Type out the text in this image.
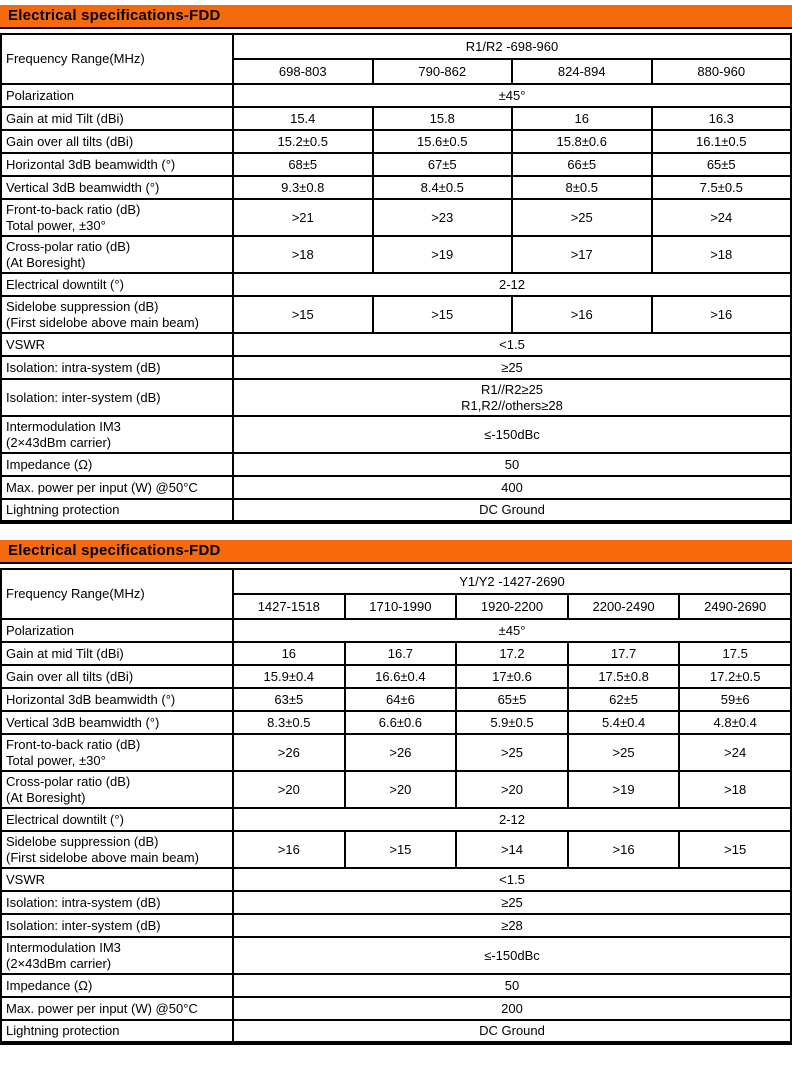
Electrical specifications-FDD
Frequency Range(MHz)	R1/R2 -698-960			

	698-803	790-862	824-894	880-960

Polarization	±45°			

Gain at mid Tilt (dBi)	15.4	15.8	16	16.3

Gain over all tilts (dBi)	15.2±0.5	15.6±0.5	15.8±0.6	16.1±0.5

Horizontal 3dB beamwidth (°)	68±5	67±5	66±5	65±5

Vertical 3dB beamwidth (°)	9.3±0.8	8.4±0.5	8±0.5	7.5±0.5

Front-to-back ratio (dB)
Total power, ±30°	>21	>23	>25	>24

Cross-polar ratio (dB)
(At Boresight)	>18	>19	>17	>18

Electrical downtilt (°)	2-12			

Sidelobe suppression (dB)
(First sidelobe above main beam)	>15	>15	>16	>16

VSWR	<1.5			

Isolation: intra-system (dB)	≥25			

Isolation: inter-system (dB)	R1//R2≥25
R1,R2//others≥28			

Intermodulation IM3
(2×43dBm carrier)	≤-150dBc			

Impedance (Ω)	50			

Max. power per input (W) @50°C	400			

Lightning protection	DC Ground			
Electrical specifications-FDD
Frequency Range(MHz)	Y1/Y2 -1427-2690				

	1427-1518	1710-1990	1920-2200	2200-2490	2490-2690

Polarization	±45°				

Gain at mid Tilt (dBi)	16	16.7	17.2	17.7	17.5

Gain over all tilts (dBi)	15.9±0.4	16.6±0.4	17±0.6	17.5±0.8	17.2±0.5

Horizontal 3dB beamwidth (°)	63±5	64±6	65±5	62±5	59±6

Vertical 3dB beamwidth (°)	8.3±0.5	6.6±0.6	5.9±0.5	5.4±0.4	4.8±0.4

Front-to-back ratio (dB)
Total power, ±30°	>26	>26	>25	>25	>24

Cross-polar ratio (dB)
(At Boresight)	>20	>20	>20	>19	>18

Electrical downtilt (°)	2-12				

Sidelobe suppression (dB)
(First sidelobe above main beam)	>16	>15	>14	>16	>15

VSWR	<1.5				

Isolation: intra-system (dB)	≥25				

Isolation: inter-system (dB)	≥28				

Intermodulation IM3
(2×43dBm carrier)	≤-150dBc				

Impedance (Ω)	50				

Max. power per input (W) @50°C	200				

Lightning protection	DC Ground				
